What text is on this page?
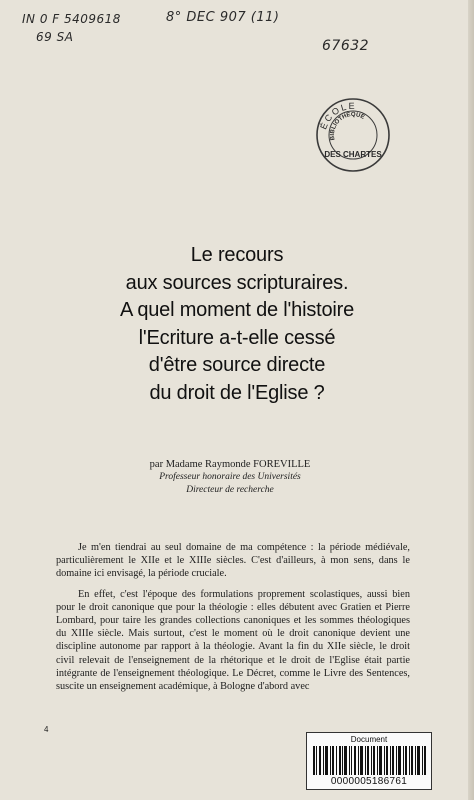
IN 0 F 5409618
69 SA
8° DEC 907 (11)
67632
ÉCOLE
BIBLIOTHÈQUE
DES CHARTES
Le recours
aux sources scripturaires.
A quel moment de l'histoire
l'Ecriture a-t-elle cessé
d'être source directe
du droit de l'Eglise ?
par Madame Raymonde FOREVILLE
Professeur honoraire des Universités
Directeur de recherche

Je m'en tiendrai au seul domaine de ma compétence : la période médiévale, particulièrement le XIIe et le XIIIe siècles. C'est d'ailleurs, à mon sens, dans le domaine ici envisagé, la période cruciale.

En effet, c'est l'époque des formulations proprement scolastiques, aussi bien pour le droit canonique que pour la théologie : elles débutent avec Gratien et Pierre Lombard, pour taire les grandes collections canoniques et les sommes théologiques du XIIIe siècle. Mais surtout, c'est le moment où le droit canonique devient une discipline autonome par rapport à la théologie. Avant la fin du XIIe siècle, le droit civil relevait de l'enseignement de la rhétorique et le droit de l'Eglise était partie intégrante de l'enseignement théologique. Le Décret, comme le Livre des Sentences, suscite un enseignement académique, à Bologne d'abord avec

4
Document
0000005186761
